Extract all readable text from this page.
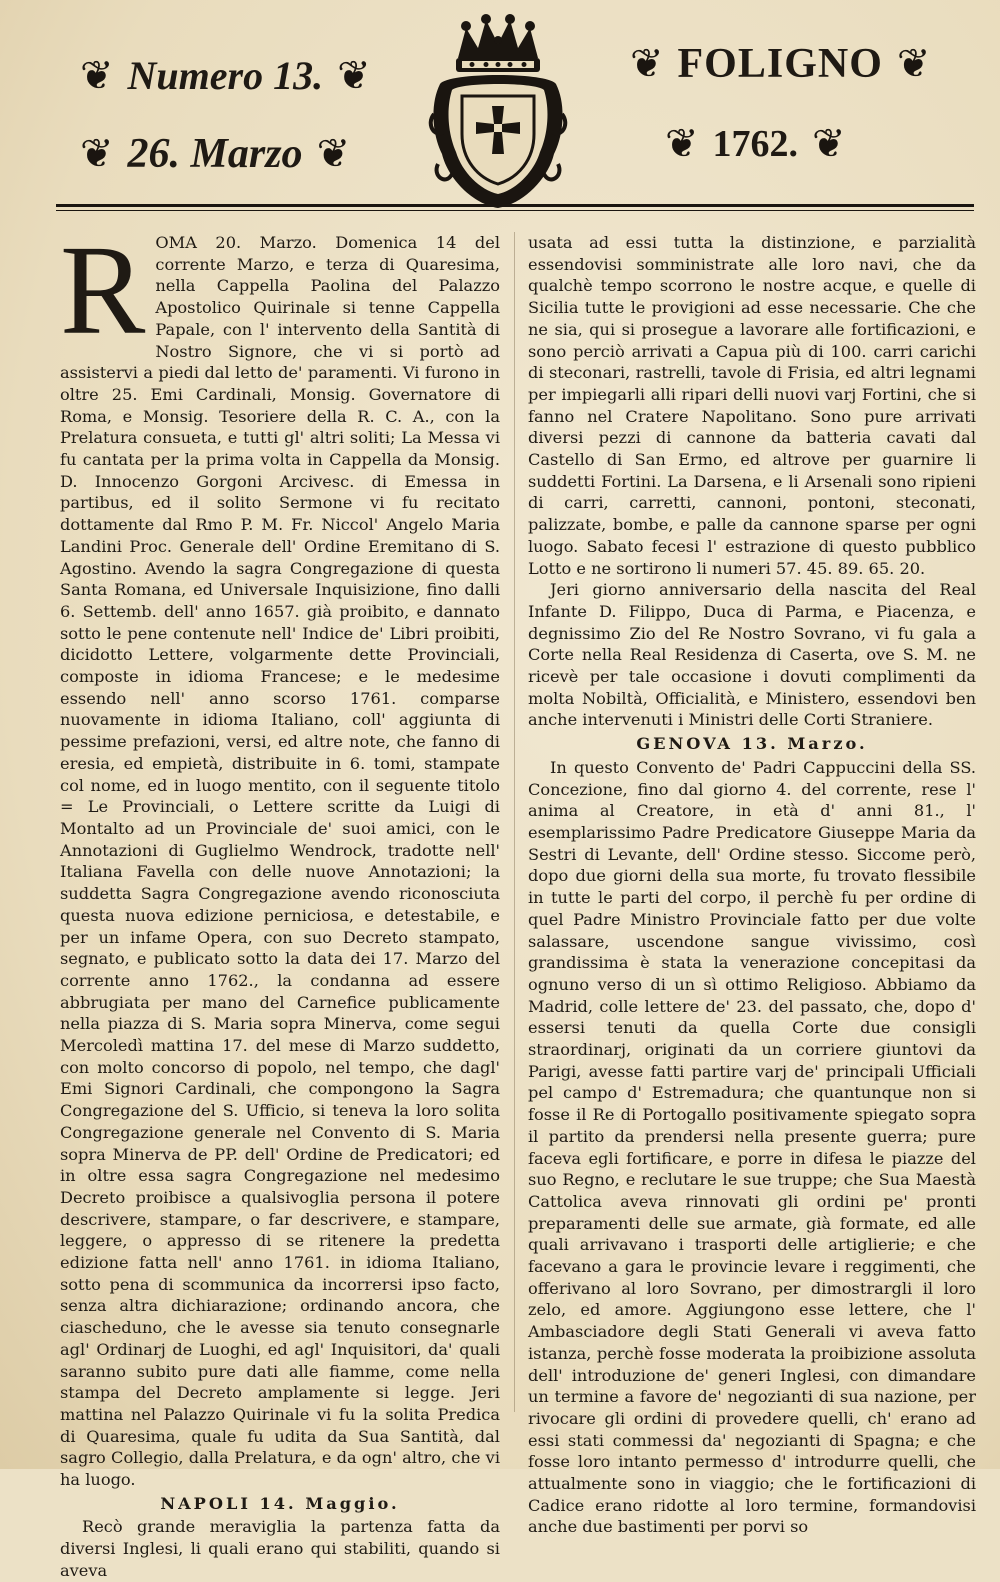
❦ Numero 13. ❦
❦ 26. Marzo ❦
❦ FOLIGNO ❦
❦ 1762. ❦

ROMA 20. Marzo. Domenica 14 del corrente Marzo, e terza di Quaresima, nella Cappella Paolina del Palazzo Apostolico Quirinale si tenne Cappella Papale, con l' intervento della Santità di Nostro Signore, che vi si portò ad assistervi a piedi dal letto de' paramenti. Vi furono in oltre 25. Emi Cardinali, Monsig. Governatore di Roma, e Monsig. Tesoriere della R. C. A., con la Prelatura consueta, e tutti gl' altri soliti; La Messa vi fu cantata per la prima volta in Cappella da Monsig. D. Innocenzo Gorgoni Arcivesc. di Emessa in partibus, ed il solito Sermone vi fu recitato dottamente dal Rmo P. M. Fr. Niccol' Angelo Maria Landini Proc. Generale dell' Ordine Eremitano di S. Agostino. Avendo la sagra Congregazione di questa Santa Romana, ed Universale Inquisizione, fino dalli 6. Settemb. dell' anno 1657. già proibito, e dannato sotto le pene contenute nell' Indice de' Libri proibiti, dicidotto Lettere, volgarmente dette Provinciali, composte in idioma Francese; e le medesime essendo nell' anno scorso 1761. comparse nuovamente in idioma Italiano, coll' aggiunta di pessime prefazioni, versi, ed altre note, che fanno di eresia, ed empietà, distribuite in 6. tomi, stampate col nome, ed in luogo mentito, con il seguente titolo = Le Provinciali, o Lettere scritte da Luigi di Montalto ad un Provinciale de' suoi amici, con le Annotazioni di Guglielmo Wendrock, tradotte nell' Italiana Favella con delle nuove Annotazioni; la suddetta Sagra Congregazione avendo riconosciuta questa nuova edizione perniciosa, e detestabile, e per un infame Opera, con suo Decreto stampato, segnato, e publicato sotto la data dei 17. Marzo del corrente anno 1762., la condanna ad essere abbrugiata per mano del Carnefice publicamente nella piazza di S. Maria sopra Minerva, come segui Mercoledì mattina 17. del mese di Marzo suddetto, con molto concorso di popolo, nel tempo, che dagl' Emi Signori Cardinali, che compongono la Sagra Congregazione del S. Ufficio, si teneva la loro solita Congregazione generale nel Convento di S. Maria sopra Minerva de PP. dell' Ordine de Predicatori; ed in oltre essa sagra Congregazione nel medesimo Decreto proibisce a qualsivoglia persona il potere descrivere, stampare, o far descrivere, e stampare, leggere, o appresso di se ritenere la predetta edizione fatta nell' anno 1761. in idioma Italiano, sotto pena di scommunica da incorrersi ipso facto, senza altra dichiarazione; ordinando ancora, che ciascheduno, che le avesse sia tenuto consegnarle agl' Ordinarj de Luoghi, ed agl' Inquisitori, da' quali saranno subito pure dati alle fiamme, come nella stampa del Decreto amplamente si legge. Jeri mattina nel Palazzo Quirinale vi fu la solita Predica di Quaresima, quale fu udita da Sua Santità, dal sagro Collegio, dalla Prelatura, e da ogn' altro, che vi ha luogo.

NAPOLI 14. Maggio.

Recò grande meraviglia la partenza fatta da diversi Inglesi, li quali erano qui stabiliti, quando si aveva

usata ad essi tutta la distinzione, e parzialità essendovisi somministrate alle loro navi, che da qualchè tempo scorrono le nostre acque, e quelle di Sicilia tutte le provigioni ad esse necessarie. Che che ne sia, qui si prosegue a lavorare alle fortificazioni, e sono perciò arrivati a Capua più di 100. carri carichi di steconari, rastrelli, tavole di Frisia, ed altri legnami per impiegarli alli ripari delli nuovi varj Fortini, che si fanno nel Cratere Napolitano. Sono pure arrivati diversi pezzi di cannone da batteria cavati dal Castello di San Ermo, ed altrove per guarnire li suddetti Fortini. La Darsena, e li Arsenali sono ripieni di carri, carretti, cannoni, pontoni, steconati, palizzate, bombe, e palle da cannone sparse per ogni luogo. Sabato fecesi l' estrazione di questo pubblico Lotto e ne sortirono li numeri 57. 45. 89. 65. 20.

Jeri giorno anniversario della nascita del Real Infante D. Filippo, Duca di Parma, e Piacenza, e degnissimo Zio del Re Nostro Sovrano, vi fu gala a Corte nella Real Residenza di Caserta, ove S. M. ne ricevè per tale occasione i dovuti complimenti da molta Nobiltà, Officialità, e Ministero, essendovi ben anche intervenuti i Ministri delle Corti Straniere.

GENOVA 13. Marzo.

In questo Convento de' Padri Cappuccini della SS. Concezione, fino dal giorno 4. del corrente, rese l' anima al Creatore, in età d' anni 81., l' esemplarissimo Padre Predicatore Giuseppe Maria da Sestri di Levante, dell' Ordine stesso. Siccome però, dopo due giorni della sua morte, fu trovato flessibile in tutte le parti del corpo, il perchè fu per ordine di quel Padre Ministro Provinciale fatto per due volte salassare, uscendone sangue vivissimo, così grandissima è stata la venerazione concepitasi da ognuno verso di un sì ottimo Religioso. Abbiamo da Madrid, colle lettere de' 23. del passato, che, dopo d' essersi tenuti da quella Corte due consigli straordinarj, originati da un corriere giuntovi da Parigi, avesse fatti partire varj de' principali Ufficiali pel campo d' Estremadura; che quantunque non si fosse il Re di Portogallo positivamente spiegato sopra il partito da prendersi nella presente guerra; pure faceva egli fortificare, e porre in difesa le piazze del suo Regno, e reclutare le sue truppe; che Sua Maestà Cattolica aveva rinnovati gli ordini pe' pronti preparamenti delle sue armate, già formate, ed alle quali arrivavano i trasporti delle artiglierie; e che facevano a gara le provincie levare i reggimenti, che offerivano al loro Sovrano, per dimostrargli il loro zelo, ed amore. Aggiungono esse lettere, che l' Ambasciadore degli Stati Generali vi aveva fatto istanza, perchè fosse moderata la proibizione assoluta dell' introduzione de' generi Inglesi, con dimandare un termine a favore de' negozianti di sua nazione, per rivocare gli ordini di provedere quelli, ch' erano ad essi stati commessi da' negozianti di Spagna; e che fosse loro intanto permesso d' introdurre quelli, che attualmente sono in viaggio; che le fortificazioni di Cadice erano ridotte al loro termine, formandovisi anche due bastimenti per porvi so
